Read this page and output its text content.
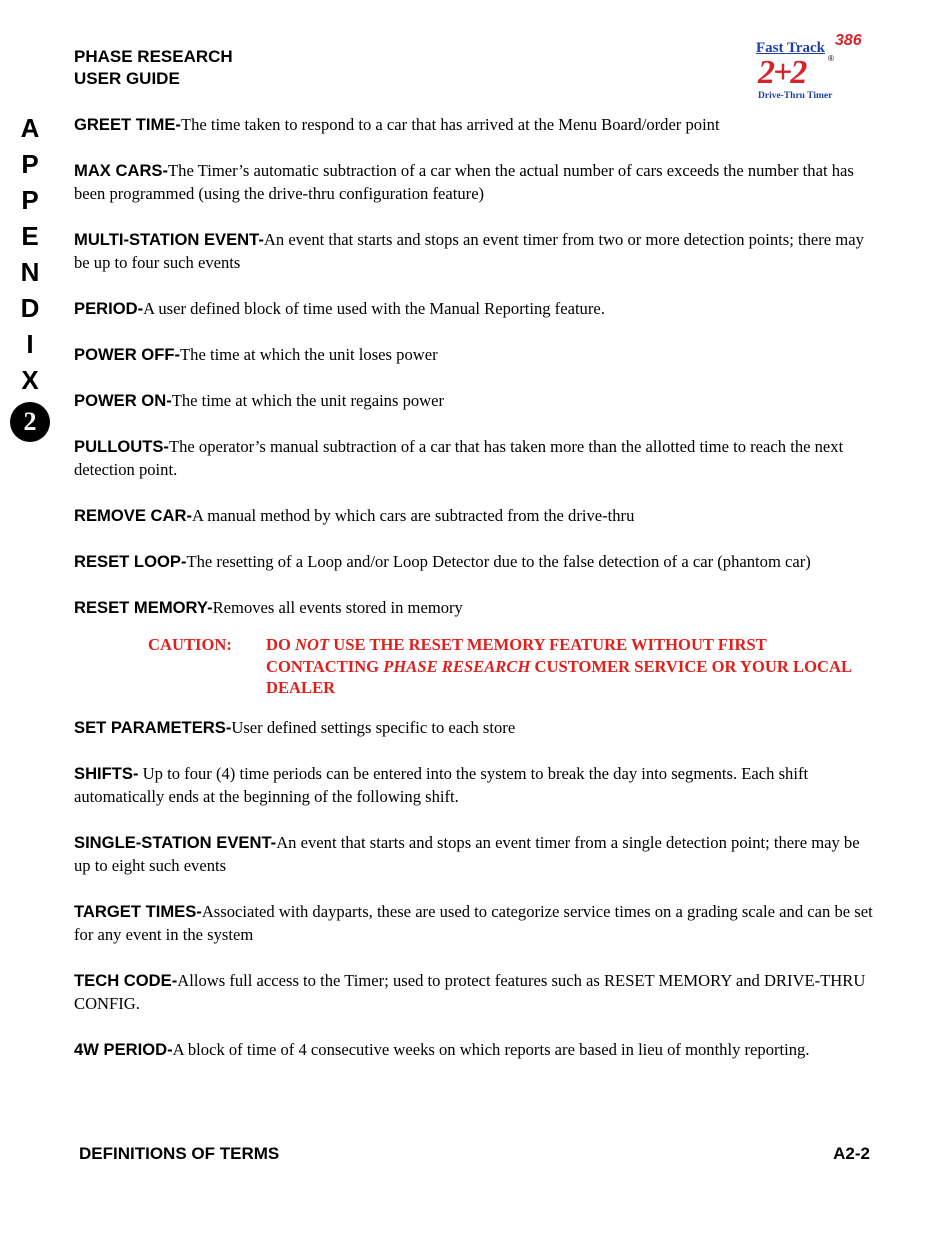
PHASE RESEARCH
USER GUIDE
Fast Track 386
®
2+2
Drive-Thru Timer
A
P
P
E
N
D
I
X
2

GREET TIME-The time taken to respond to a car that has arrived at the Menu Board/order point

MAX CARS-The Timer’s automatic subtraction of a car when the actual number of cars exceeds the number that has been programmed (using the drive-thru configuration feature)

MULTI-STATION EVENT-An event that starts and stops an event timer from two or more detection points; there may be up to four such events

PERIOD-A user defined block of time used with the Manual Reporting feature.

POWER OFF-The time at which the unit loses power

POWER ON-The time at which the unit regains power

PULLOUTS-The operator’s manual subtraction of a car that has taken more than the allotted time to reach the next detection point.

REMOVE CAR-A manual method by which cars are subtracted from the drive-thru

RESET LOOP-The resetting of a Loop and/or Loop Detector due to the false detection of a car (phantom car)

RESET MEMORY-Removes all events stored in memory

CAUTION:	DO NOT USE THE RESET MEMORY FEATURE WITHOUT FIRST CONTACTING PHASE RESEARCH CUSTOMER SERVICE OR YOUR LOCAL DEALER

SET PARAMETERS-User defined settings specific to each store

SHIFTS- Up to four (4) time periods can be entered into the system to break the day into segments. Each shift automatically ends at the beginning of the following shift.

SINGLE-STATION EVENT-An event that starts and stops an event timer from a single detection point; there may be up to eight such events

TARGET TIMES-Associated with dayparts, these are used to categorize service times on a grading scale and can be set for any event in the system

TECH CODE-Allows full access to the Timer; used to protect features such as RESET MEMORY and DRIVE-THRU CONFIG.

4W PERIOD-A block of time of 4 consecutive weeks on which reports are based in lieu of monthly reporting.

DEFINITIONS OF TERMS	A2-2
